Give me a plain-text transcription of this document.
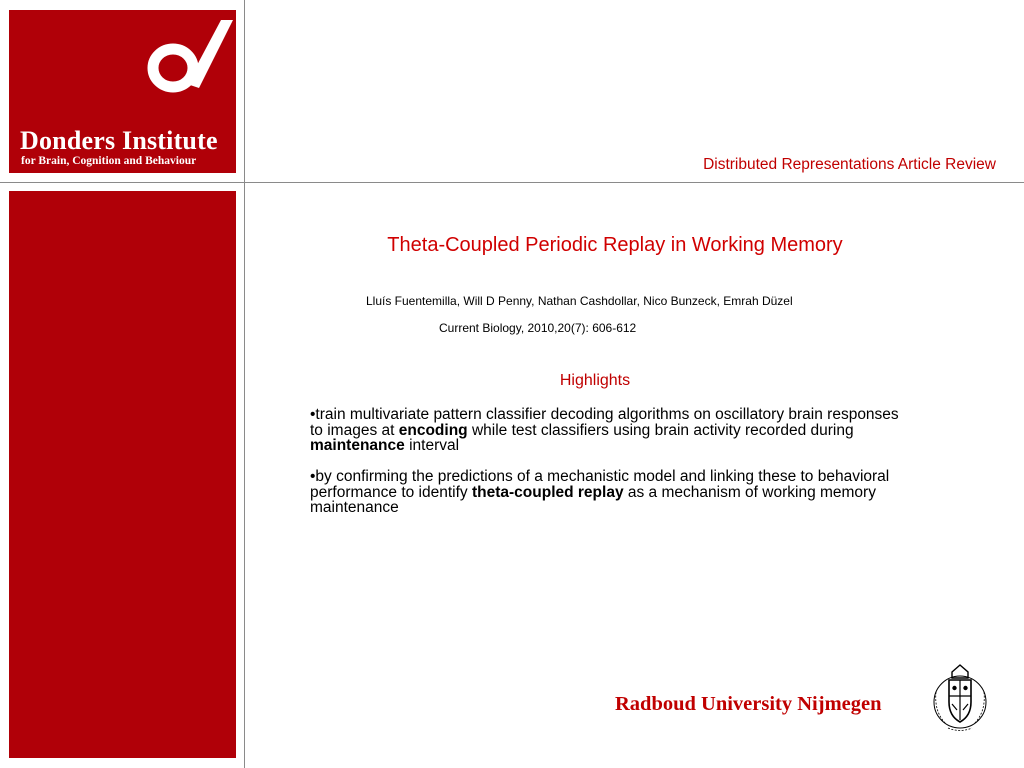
Donders Institute
for Brain, Cognition and Behaviour	Distributed Representations Article Review
Theta-Coupled Periodic Replay in Working Memory
Lluís Fuentemilla, Will D Penny, Nathan Cashdollar, Nico Bunzeck, Emrah Düzel
Current Biology, 2010,20(7): 606-612
Highlights
•train multivariate pattern classifier decoding algorithms on oscillatory brain responses to images at encoding while test classifiers using brain activity recorded during maintenance interval
•by confirming the predictions of a mechanistic model and linking these to behavioral performance to identify theta-coupled replay as a mechanism of working memory maintenance
Radboud University Nijmegen
